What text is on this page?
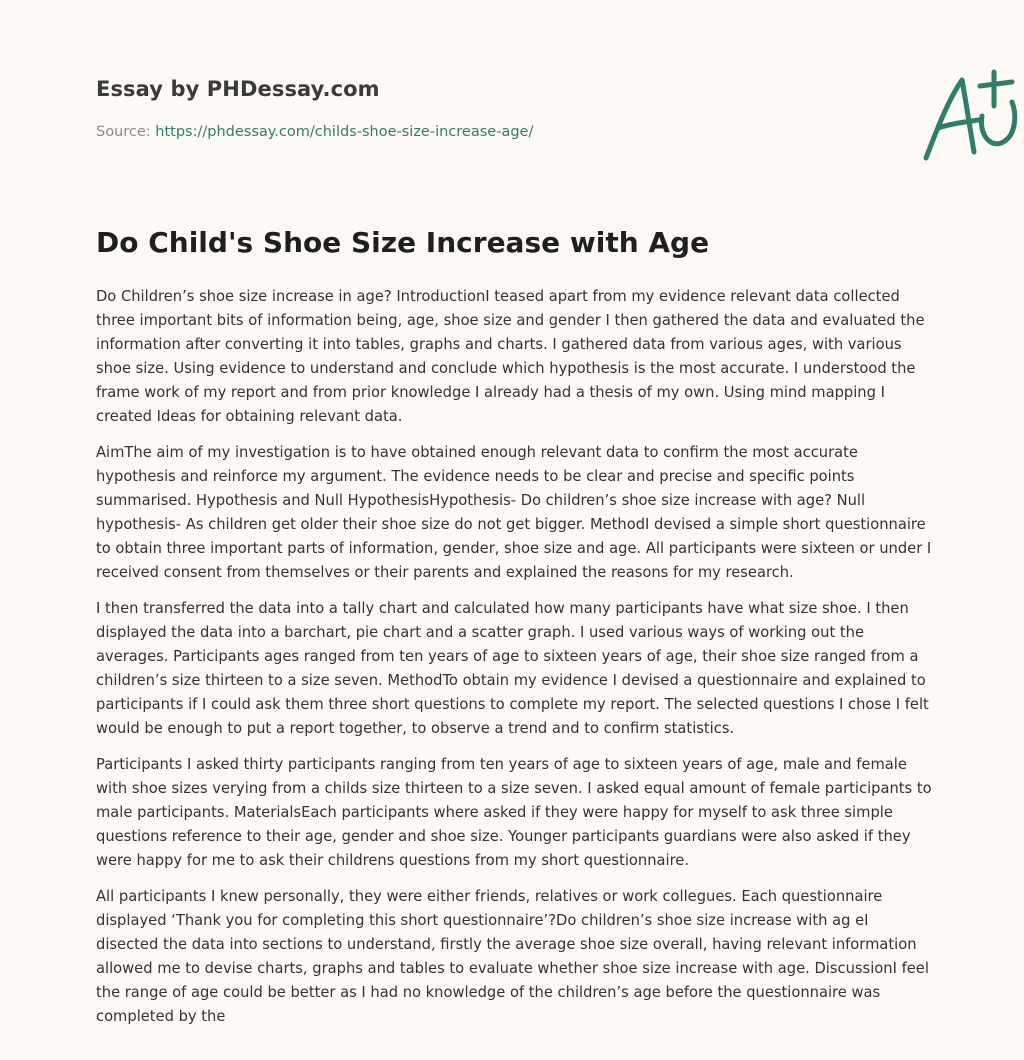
Essay by PHDessay.com
Source: https://phdessay.com/childs-shoe-size-increase-age/
Do Child's Shoe Size Increase with Age

Do Children’s shoe size increase in age? IntroductionI teased apart from my evidence relevant data collected three important bits of information being, age, shoe size and gender I then gathered the data and evaluated the information after converting it into tables, graphs and charts. I gathered data from various ages, with various shoe size. Using evidence to understand and conclude which hypothesis is the most accurate. I understood the frame work of my report and from prior knowledge I already had a thesis of my own. Using mind mapping I created Ideas for obtaining relevant data.

AimThe aim of my investigation is to have obtained enough relevant data to confirm the most accurate hypothesis and reinforce my argument. The evidence needs to be clear and precise and specific points summarised. Hypothesis and Null HypothesisHypothesis- Do children’s shoe size increase with age? Null hypothesis- As children get older their shoe size do not get bigger. MethodI devised a simple short questionnaire to obtain three important parts of information, gender, shoe size and age. All participants were sixteen or under I received consent from themselves or their parents and explained the reasons for my research.

I then transferred the data into a tally chart and calculated how many participants have what size shoe. I then displayed the data into a barchart, pie chart and a scatter graph. I used various ways of working out the averages. Participants ages ranged from ten years of age to sixteen years of age, their shoe size ranged from a children’s size thirteen to a size seven. MethodTo obtain my evidence I devised a questionnaire and explained to participants if I could ask them three short questions to complete my report. The selected questions I chose I felt would be enough to put a report together, to observe a trend and to confirm statistics.

Participants I asked thirty participants ranging from ten years of age to sixteen years of age, male and female with shoe sizes verying from a childs size thirteen to a size seven. I asked equal amount of female participants to male participants. MaterialsEach participants where asked if they were happy for myself to ask three simple questions reference to their age, gender and shoe size. Younger participants guardians were also asked if they were happy for me to ask their childrens questions from my short questionnaire.

All participants I knew personally, they were either friends, relatives or work collegues. Each questionnaire displayed ‘Thank you for completing this short questionnaire’?Do children’s shoe size increase with ag eI disected the data into sections to understand, firstly the average shoe size overall, having relevant information allowed me to devise charts, graphs and tables to evaluate whether shoe size increase with age. DiscussionI feel the range of age could be better as I had no knowledge of the children’s age before the questionnaire was completed by the
